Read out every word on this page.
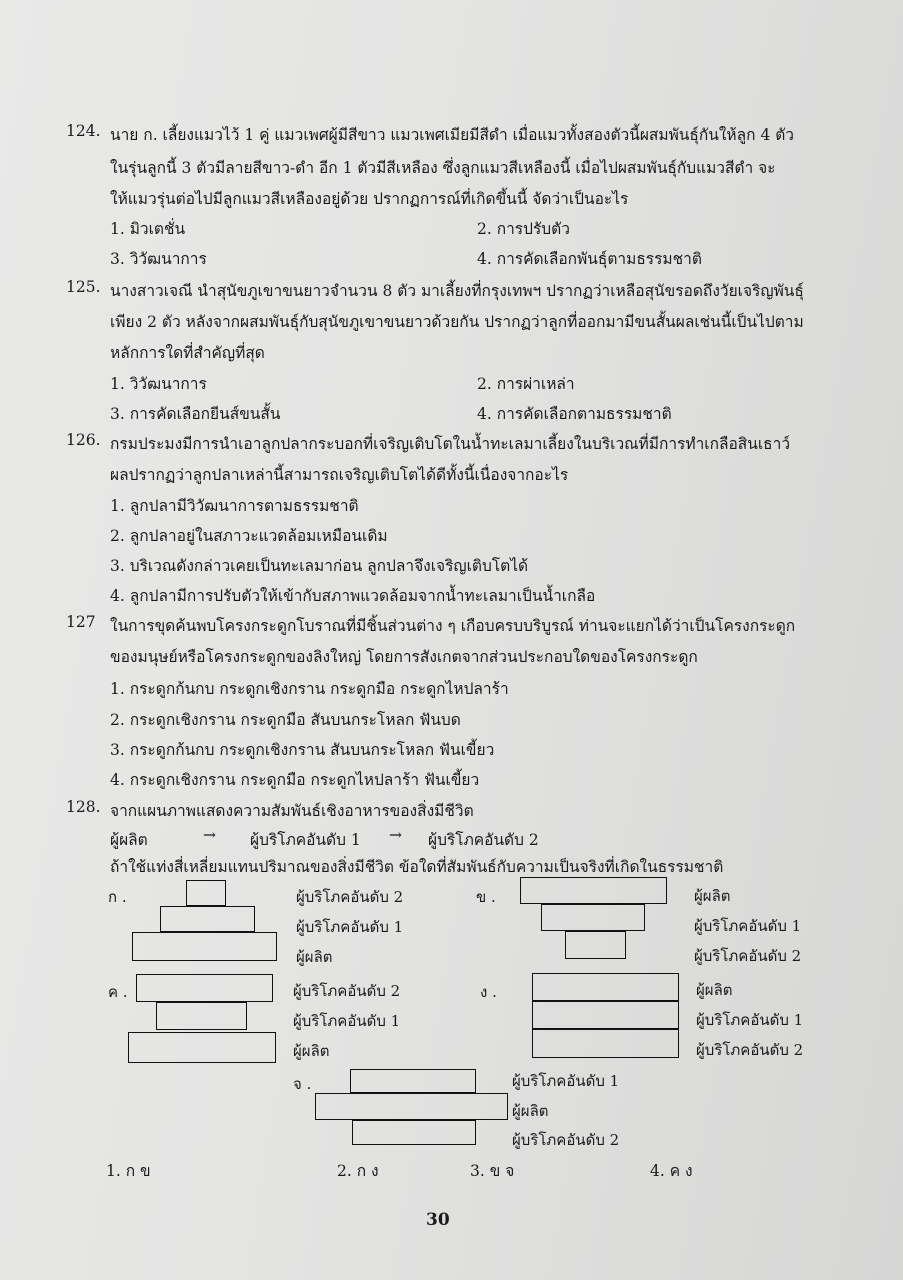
124. นาย ก. เลี้ยงแมวไว้ 1 คู่ แมวเพศผู้มีสีขาว แมวเพศเมียมีสีดำ เมื่อแมวทั้งสองตัวนี้ผสมพันธุ์กันให้ลูก 4 ตัว
ในรุ่นลูกนี้ 3 ตัวมีลายสีขาว-ดำ อีก 1 ตัวมีสีเหลือง ซึ่งลูกแมวสีเหลืองนี้ เมื่อไปผสมพันธุ์กับแมวสีดำ จะ
ให้แมวรุ่นต่อไปมีลูกแมวสีเหลืองอยู่ด้วย ปรากฏการณ์ที่เกิดขึ้นนี้ จัดว่าเป็นอะไร
1. มิวเตชั่น	2. การปรับตัว
3. วิวัฒนาการ	4. การคัดเลือกพันธุ์ตามธรรมชาติ
125. นางสาวเจณี นำสุนัขภูเขาขนยาวจำนวน 8 ตัว มาเลี้ยงที่กรุงเทพฯ ปรากฏว่าเหลือสุนัขรอดถึงวัยเจริญพันธุ์
เพียง 2 ตัว หลังจากผสมพันธุ์กับสุนัขภูเขาขนยาวด้วยกัน ปรากฏว่าลูกที่ออกมามีขนสั้นผลเช่นนี้เป็นไปตาม
หลักการใดที่สำคัญที่สุด
1. วิวัฒนาการ	2. การผ่าเหล่า
3. การคัดเลือกยีนส์ขนสั้น	4. การคัดเลือกตามธรรมชาติ
126. กรมประมงมีการนำเอาลูกปลากระบอกที่เจริญเติบโตในน้ำทะเลมาเลี้ยงในบริเวณที่มีการทำเกลือสินเธาว์
ผลปรากฏว่าลูกปลาเหล่านี้สามารถเจริญเติบโตได้ดีทั้งนี้เนื่องจากอะไร
1. ลูกปลามีวิวัฒนาการตามธรรมชาติ
2. ลูกปลาอยู่ในสภาวะแวดล้อมเหมือนเดิม
3. บริเวณดังกล่าวเคยเป็นทะเลมาก่อน ลูกปลาจึงเจริญเติบโตได้
4. ลูกปลามีการปรับตัวให้เข้ากับสภาพแวดล้อมจากน้ำทะเลมาเป็นน้ำเกลือ
127 ในการขุดค้นพบโครงกระดูกโบราณที่มีชิ้นส่วนต่าง ๆ เกือบครบบริบูรณ์ ท่านจะแยกได้ว่าเป็นโครงกระดูก
ของมนุษย์หรือโครงกระดูกของลิงใหญ่ โดยการสังเกตจากส่วนประกอบใดของโครงกระดูก
1. กระดูกก้นกบ กระดูกเชิงกราน กระดูกมือ กระดูกไหปลาร้า
2. กระดูกเชิงกราน กระดูกมือ สันบนกระโหลก ฟันบด
3. กระดูกก้นกบ กระดูกเชิงกราน สันบนกระโหลก ฟันเขี้ยว
4. กระดูกเชิงกราน กระดูกมือ กระดูกไหปลาร้า ฟันเขี้ยว
128. จากแผนภาพแสดงความสัมพันธ์เชิงอาหารของสิ่งมีชีวิต
ผู้ผลิต	→ ผู้บริโภคอันดับ 1 → ผู้บริโภคอันดับ 2
ถ้าใช้แท่งสี่เหลี่ยมแทนปริมาณของสิ่งมีชีวิต ข้อใดที่สัมพันธ์กับความเป็นจริงที่เกิดในธรรมชาติ
ก .	ผู้บริโภคอันดับ 2
ผู้บริโภคอันดับ 1
ผู้ผลิต
ข .	ผู้ผลิต
ผู้บริโภคอันดับ 1
ผู้บริโภคอันดับ 2
ค .	ผู้บริโภคอันดับ 2
ผู้บริโภคอันดับ 1
ผู้ผลิต
ง .	ผู้ผลิต
ผู้บริโภคอันดับ 1
ผู้บริโภคอันดับ 2
จ .	ผู้บริโภคอันดับ 1
ผู้ผลิต
ผู้บริโภคอันดับ 2
1. ก ข	2. ก ง	3. ข จ	4. ค ง
30
